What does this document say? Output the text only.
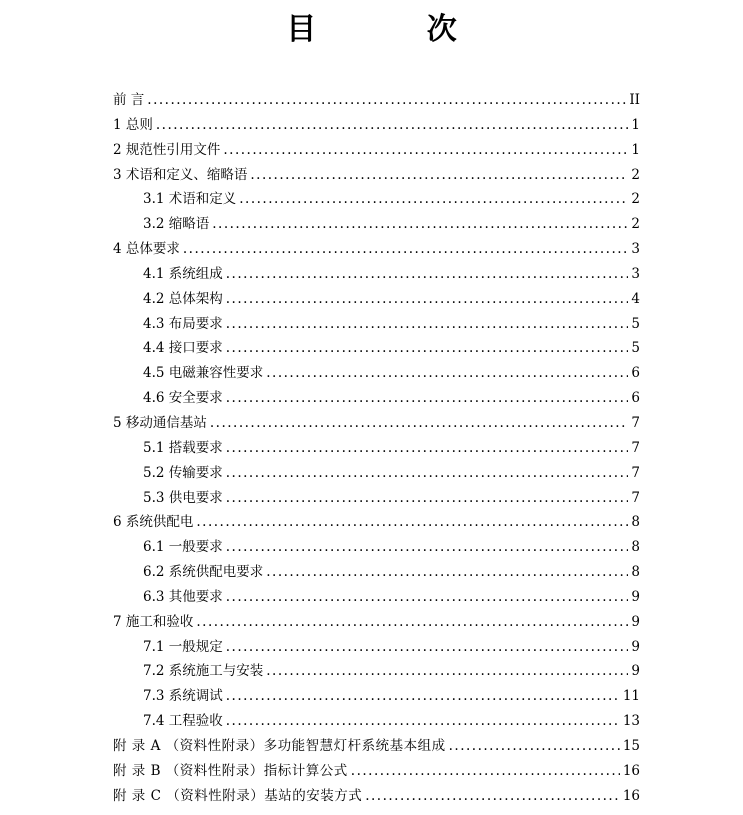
目 次
前 言 .....	II
1 总则 .....	1
2 规范性引用文件 .....	1
3 术语和定义、缩略语 .....	2
3.1 术语和定义 .....	2
3.2 缩略语 .....	2
4 总体要求 .....	3
4.1 系统组成 .....	3
4.2 总体架构 .....	4
4.3 布局要求 .....	5
4.4 接口要求 .....	5
4.5 电磁兼容性要求 .....	6
4.6 安全要求 .....	6
5 移动通信基站 .....	7
5.1 搭载要求 .....	7
5.2 传输要求 .....	7
5.3 供电要求 .....	7
6 系统供配电 .....	8
6.1 一般要求 .....	8
6.2 系统供配电要求 .....	8
6.3 其他要求 .....	9
7 施工和验收 .....	9
7.1 一般规定 .....	9
7.2 系统施工与安装 .....	9
7.3 系统调试 .....	11
7.4 工程验收 .....	13
附 录 A （资料性附录）多功能智慧灯杆系统基本组成 .....	15
附 录 B （资料性附录）指标计算公式 .....	16
附 录 C （资料性附录）基站的安装方式 .....	16
